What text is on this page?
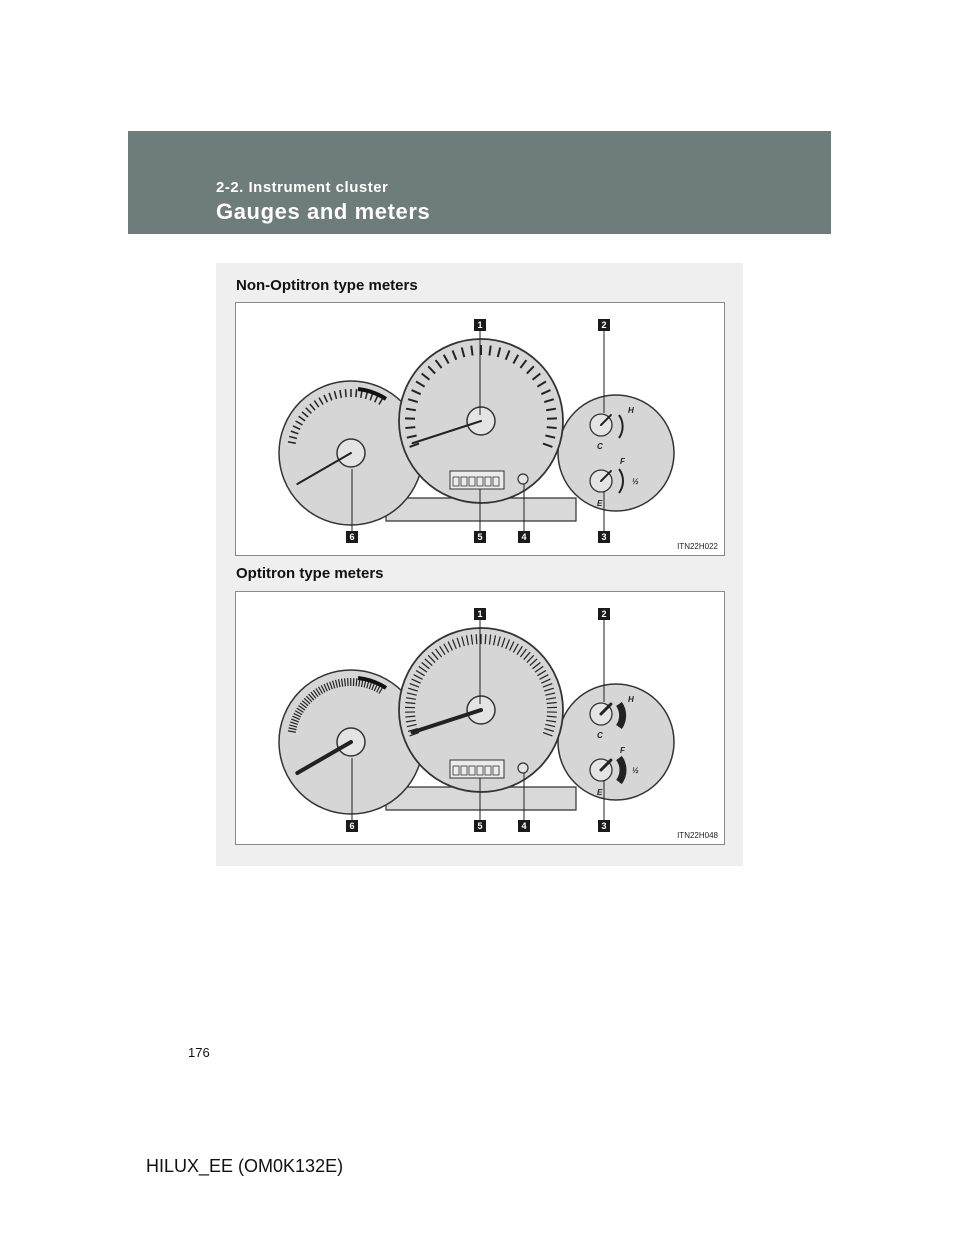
2-2. Instrument cluster
Gauges and meters
Non-Optitron type meters
H
C
F
½
E
1	2
3
4
5
6
ITN22H022
Optitron type meters
H
C
F
½
E
1	2
3
4
5
6
ITN22H048
176
HILUX_EE (OM0K132E)
